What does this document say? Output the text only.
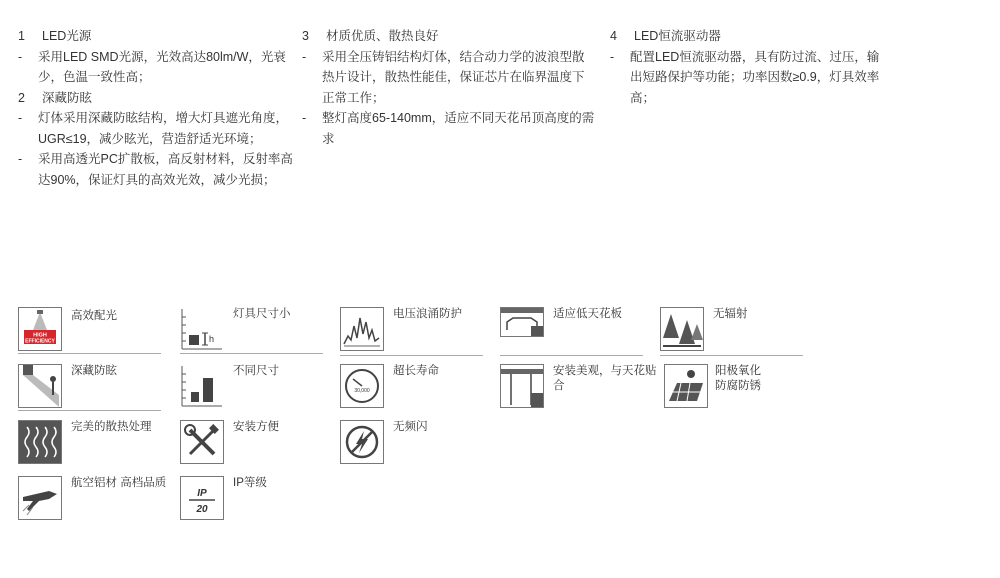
1	LED光源
-	采用LED SMD光源，光效高达80lm/W，光衰少，色温一致性高；
2	深藏防眩
-	灯体采用深藏防眩结构，增大灯具遮光角度，UGR≤19，减少眩光，营造舒适光环境；
-	采用高透光PC扩散板，高反射材料，反射率高达90%，保证灯具的高效光效，减少光损；
3	材质优质、散热良好
-	采用全压铸铝结构灯体，结合动力学的波浪型散热片设计，散热性能佳，保证芯片在临界温度下正常工作；
-	整灯高度65-140mm，适应不同天花吊顶高度的需求
4	LED恒流驱动器
-	配置LED恒流驱动器，具有防过流、过压，输出短路保护等功能；功率因数≥0.9，灯具效率高；
HIGH
EFFICIENCY
高效配光
h
灯具尺寸小	电压浪涌防护	适应低天花板	无辐射
深藏防眩	不同尺寸
30,000
超长寿命	安装美观，与天花贴合
阳极氧化
防腐防锈
完美的散热处理	安装方便	无频闪
航空铝材 高档品质
IP
20
IP等级
